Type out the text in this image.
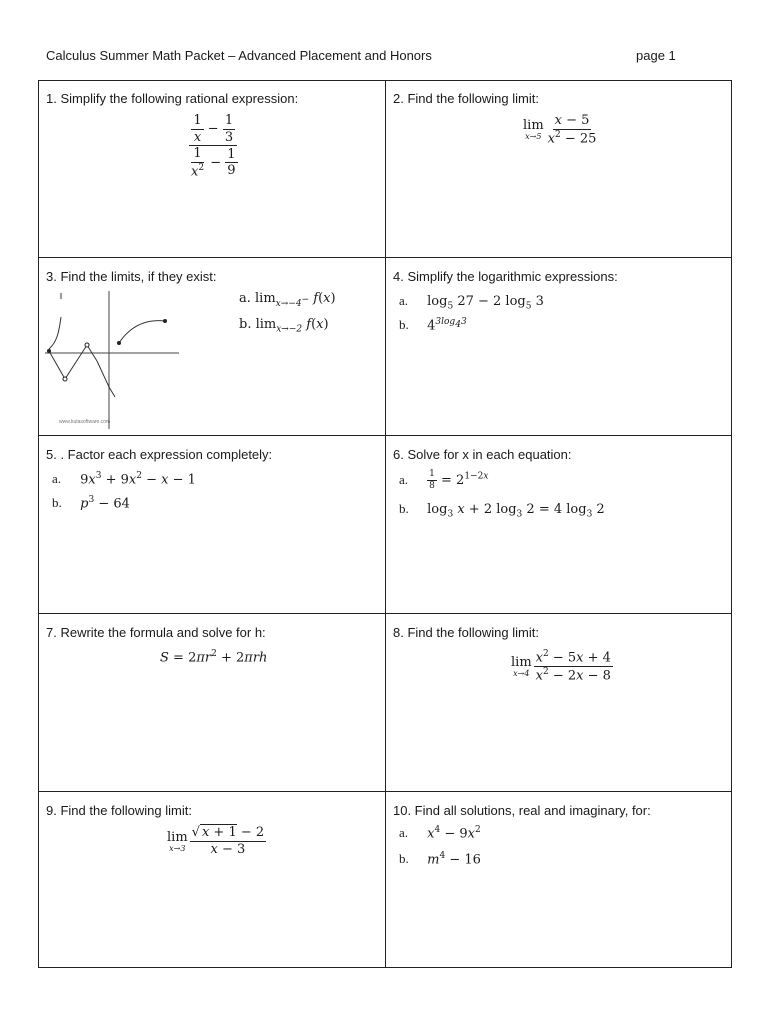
Calculus Summer Math Packet – Advanced Placement and Honors	page 1
1. Simplify the following rational expression:
$\frac{\frac{1}{x} - \frac{1}{3}}{\frac{1}{x^2} - \frac{1}{9}}$
2. Find the following limit:
lim
$x\to 5 \frac{x - 5}{x^2 - 25}$
3. Find the limits, if they exist:
www.kutasoftware.com
a. $\lim_{x\to-4^-} f(x)$
b. $\lim_{x\to-2} f(x)$
4. Simplify the logarithmic expressions:
a. $\log_5 27 - 2$ $\log_5 3$
b. $4^{3log_43}$
5. . Factor each expression completely:
a. $9x^3 + 9x^2 - x - 1$
b. $p^3 - 64$
6. Solve for x in each equation:
a. $\frac{1}{8} = 2^{1-2x}$
b. $\log_3 x + 2$ $\log_3 2 = 4$ $\log_3 2$
7. Rewrite the formula and solve for h:
$S = 2\pi r^2 + 2\pi rh$
8. Find the following limit:
lim
$x\to 4 \frac{x^2 - 5x + 4}{x^2 - 2x - 8}$
9. Find the following limit:
lim
$x\to 3 \frac{√ x + 1 - 2}{x - 3}$
10. Find all solutions, real and imaginary, for:
a. $x^4 - 9x^2$
b. $m^4 - 16$
